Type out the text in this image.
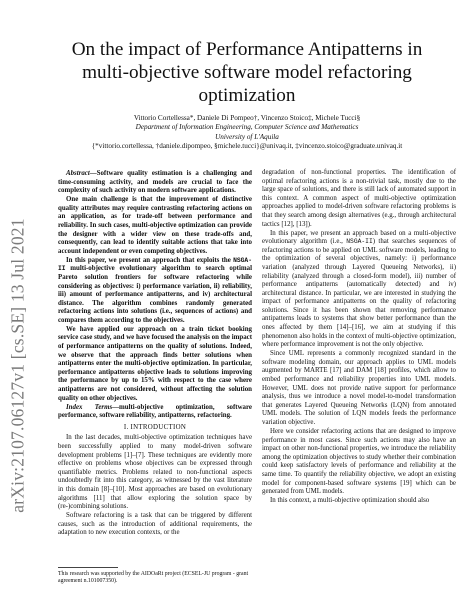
arXiv:2107.06127v1 [cs.SE] 13 Jul 2021
On the impact of Performance Antipatterns in multi-objective software model refactoring optimization
Vittorio Cortellessa*, Daniele Di Pompeo†, Vincenzo Stoico‡, Michele Tucci§
Department of Information Engineering, Computer Science and Mathematics
University of L'Aquila
{*vittorio.cortellessa, †daniele.dipompeo, §michele.tucci}@univaq.it, ‡vincenzo.stoico@graduate.univaq.it

Abstract—Software quality estimation is a challenging and time-consuming activity, and models are crucial to face the complexity of such activity on modern software applications.

One main challenge is that the improvement of distinctive quality attributes may require contrasting refactoring actions on an application, as for trade-off between performance and reliability. In such cases, multi-objective optimization can provide the designer with a wider view on these trade-offs and, consequently, can lead to identify suitable actions that take into account independent or even competing objectives.

In this paper, we present an approach that exploits the NSGA-II multi-objective evolutionary algorithm to search optimal Pareto solution frontiers for software refactoring while considering as objectives: i) performance variation, ii) reliability, iii) amount of performance antipatterns, and iv) architectural distance. The algorithm combines randomly generated refactoring actions into solutions (i.e., sequences of actions) and compares them according to the objectives.

We have applied our approach on a train ticket booking service case study, and we have focused the analysis on the impact of performance antipatterns on the quality of solutions. Indeed, we observe that the approach finds better solutions when antipatterns enter the multi-objective optimization. In particular, performance antipatterns objective leads to solutions improving the performance by up to 15% with respect to the case where antipatterns are not considered, without affecting the solution quality on other objectives.

Index Terms—multi-objective optimization, software performance, software reliability, antipatterns, refactoring.

I. INTRODUCTION

In the last decades, multi-objective optimization techniques have been successfully applied to many model-driven software development problems [1]–[7]. These techniques are evidently more effective on problems whose objectives can be expressed through quantifiable metrics. Problems related to non-functional aspects undoubtedly fit into this category, as witnessed by the vast literature in this domain [8]–[10]. Most approaches are based on evolutionary algorithms [11] that allow exploring the solution space by (re-)combining solutions.

Software refactoring is a task that can be triggered by different causes, such as the introduction of additional requirements, the adaptation to new execution contexts, or the

This research was supported by the AIDOaRt project (ECSEL-JU program - grant agreement n.101007350).

degradation of non-functional properties. The identification of optimal refactoring actions is a non-trivial task, mostly due to the large space of solutions, and there is still lack of automated support in this context. A common aspect of multi-objective optimization approaches applied to model-driven software refactoring problems is that they search among design alternatives (e.g., through architectural tactics [12], [13]).

In this paper, we present an approach based on a multi-objective evolutionary algorithm (i.e., NSGA-II) that searches sequences of refactoring actions to be applied on UML software models, leading to the optimization of several objectives, namely: i) performance variation (analyzed through Layered Queueing Networks), ii) reliability (analyzed through a closed-form model), iii) number of performance antipatterns (automatically detected) and iv) architectural distance. In particular, we are interested in studying the impact of performance antipatterns on the quality of refactoring solutions. Since it has been shown that removing performance antipatterns leads to systems that show better performance than the ones affected by them [14]–[16], we aim at studying if this phenomenon also holds in the context of multi-objective optimization, where performance improvement is not the only objective.

Since UML represents a commonly recognized standard in the software modeling domain, our approach applies to UML models augmented by MARTE [17] and DAM [18] profiles, which allow to embed performance and reliability properties into UML models. However, UML does not provide native support for performance analysis, thus we introduce a novel model-to-model transformation that generates Layered Queueing Networks (LQN) from annotated UML models. The solution of LQN models feeds the performance variation objective.

Here we consider refactoring actions that are designed to improve performance in most cases. Since such actions may also have an impact on other non-functional properties, we introduce the reliability among the optimization objectives to study whether their combination could keep satisfactory levels of performance and reliability at the same time. To quantify the reliability objective, we adopt an existing model for component-based software systems [19] which can be generated from UML models.

In this context, a multi-objective optimization should also
